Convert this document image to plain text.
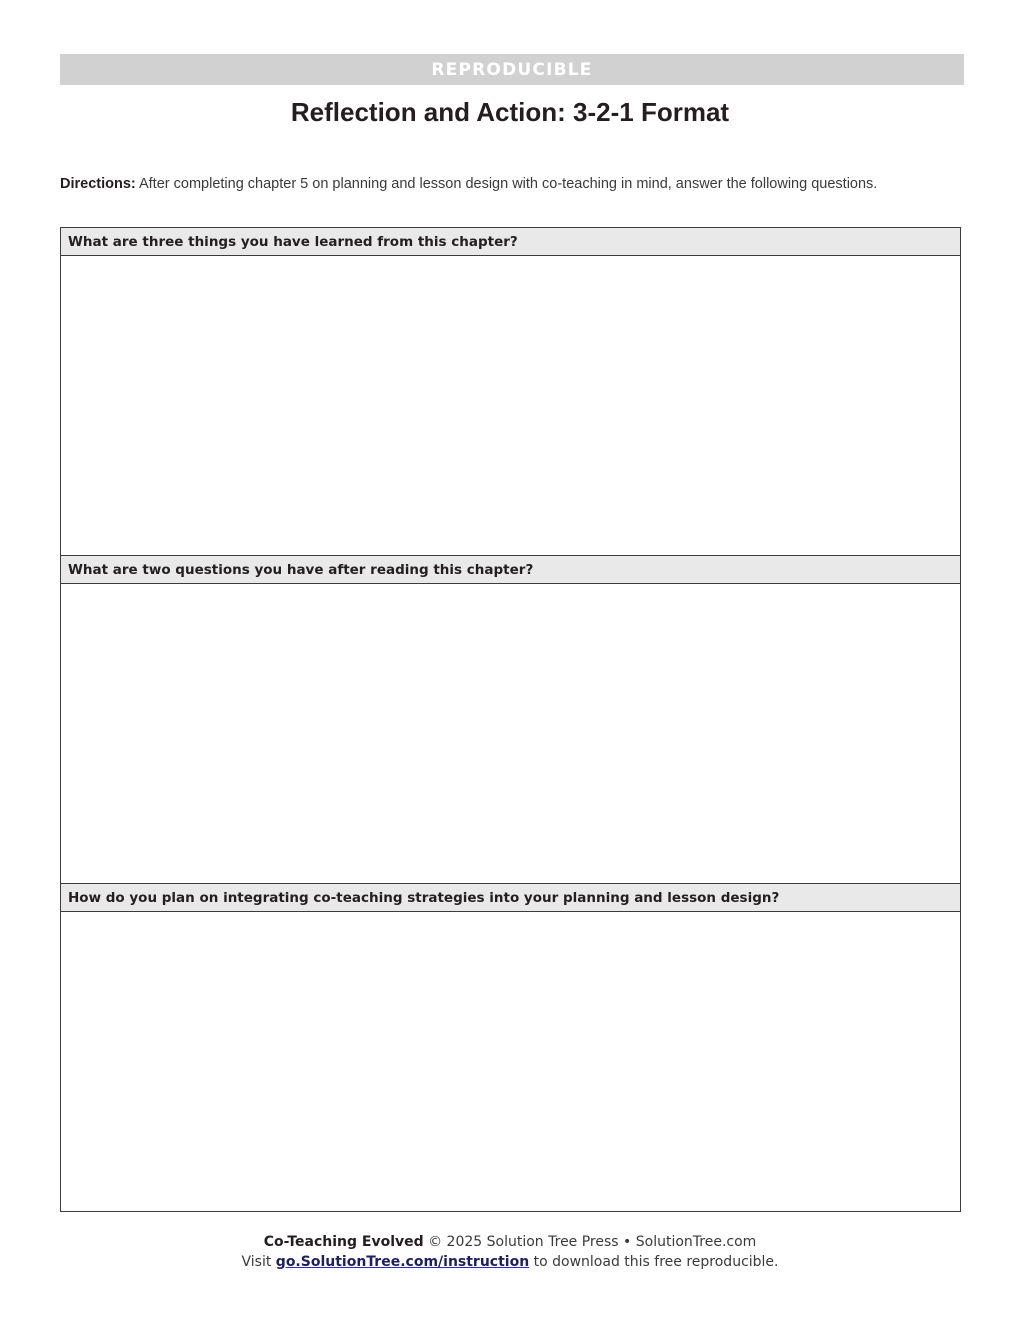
REPRODUCIBLE
Reflection and Action: 3-2-1 Format
Directions: After completing chapter 5 on planning and lesson design with co-teaching in mind, answer the following questions.
What are three things you have learned from this chapter?
What are two questions you have after reading this chapter?
How do you plan on integrating co-teaching strategies into your planning and lesson design?
Co-Teaching Evolved © 2025 Solution Tree Press • SolutionTree.com
Visit go.SolutionTree.com/instruction to download this free reproducible.
